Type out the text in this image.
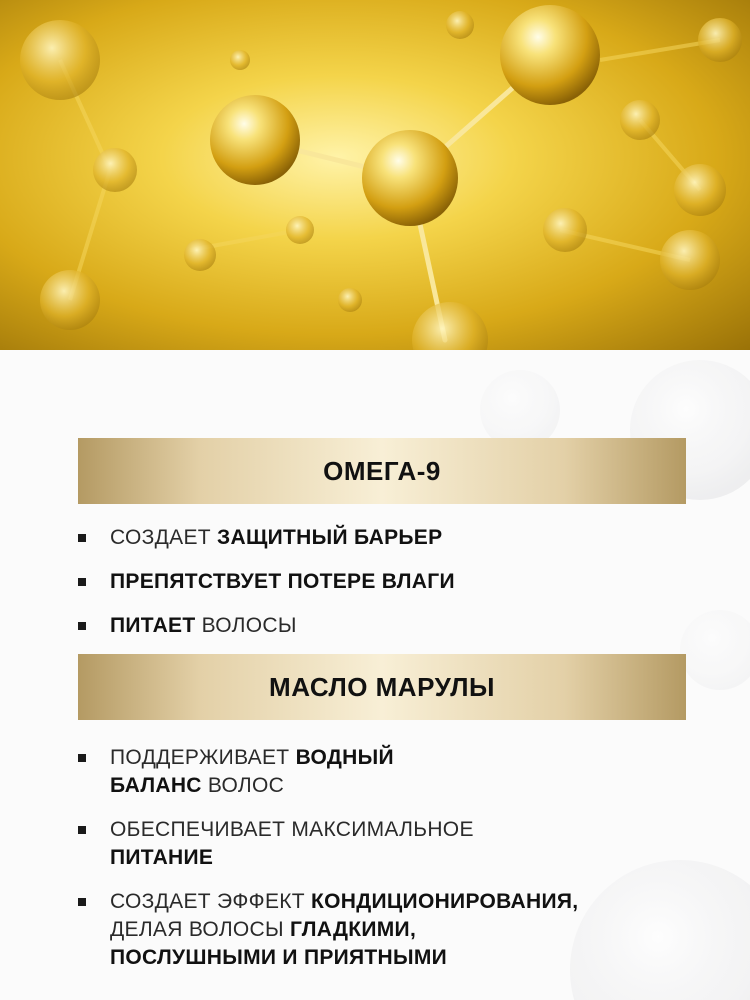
ОМЕГА-9
СОЗДАЕТ ЗАЩИТНЫЙ БАРЬЕР
ПРЕПЯТСТВУЕТ ПОТЕРЕ ВЛАГИ
ПИТАЕТ ВОЛОСЫ
МАСЛО МАРУЛЫ
ПОДДЕРЖИВАЕТ ВОДНЫЙ
БАЛАНС ВОЛОС
ОБЕСПЕЧИВАЕТ МАКСИМАЛЬНОЕ
ПИТАНИЕ
СОЗДАЕТ ЭФФЕКТ КОНДИЦИОНИРОВАНИЯ,
ДЕЛАЯ ВОЛОСЫ ГЛАДКИМИ,
ПОСЛУШНЫМИ И ПРИЯТНЫМИ
